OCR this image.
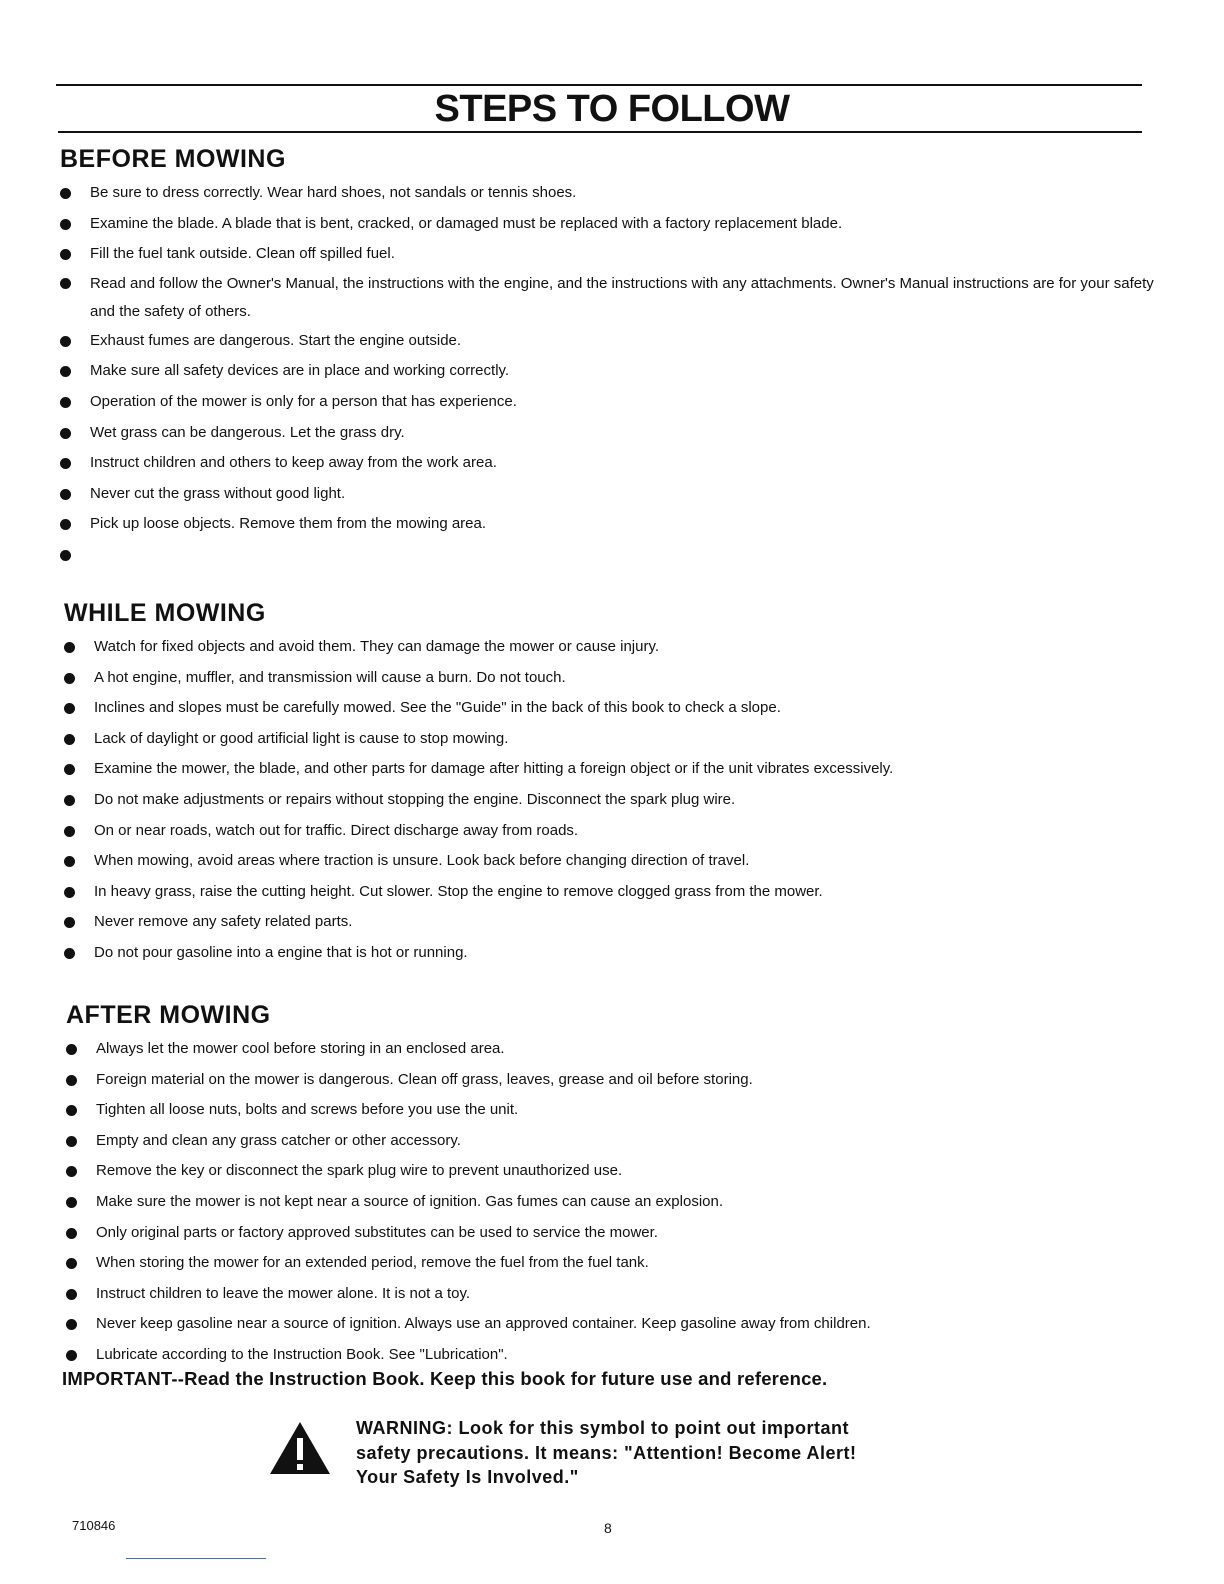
STEPS TO FOLLOW
BEFORE MOWING
Be sure to dress correctly. Wear hard shoes, not sandals or tennis shoes.
Examine the blade. A blade that is bent, cracked, or damaged must be replaced with a factory replacement blade.
Fill the fuel tank outside. Clean off spilled fuel.
Read and follow the Owner's Manual, the instructions with the engine, and the instructions with any attachments. Owner's Manual instructions are for your safety and the safety of others.
Exhaust fumes are dangerous. Start the engine outside.
Make sure all safety devices are in place and working correctly.
Operation of the mower is only for a person that has experience.
Wet grass can be dangerous. Let the grass dry.
Instruct children and others to keep away from the work area.
Never cut the grass without good light.
Pick up loose objects. Remove them from the mowing area.

WHILE MOWING
Watch for fixed objects and avoid them. They can damage the mower or cause injury.
A hot engine, muffler, and transmission will cause a burn. Do not touch.
Inclines and slopes must be carefully mowed. See the "Guide" in the back of this book to check a slope.
Lack of daylight or good artificial light is cause to stop mowing.
Examine the mower, the blade, and other parts for damage after hitting a foreign object or if the unit vibrates excessively.
Do not make adjustments or repairs without stopping the engine. Disconnect the spark plug wire.
On or near roads, watch out for traffic. Direct discharge away from roads.
When mowing, avoid areas where traction is unsure. Look back before changing direction of travel.
In heavy grass, raise the cutting height. Cut slower. Stop the engine to remove clogged grass from the mower.
Never remove any safety related parts.
Do not pour gasoline into a engine that is hot or running.
AFTER MOWING
Always let the mower cool before storing in an enclosed area.
Foreign material on the mower is dangerous. Clean off grass, leaves, grease and oil before storing.
Tighten all loose nuts, bolts and screws before you use the unit.
Empty and clean any grass catcher or other accessory.
Remove the key or disconnect the spark plug wire to prevent unauthorized use.
Make sure the mower is not kept near a source of ignition. Gas fumes can cause an explosion.
Only original parts or factory approved substitutes can be used to service the mower.
When storing the mower for an extended period, remove the fuel from the fuel tank.
Instruct children to leave the mower alone. It is not a toy.
Never keep gasoline near a source of ignition. Always use an approved container. Keep gasoline away from children.
Lubricate according to the Instruction Book. See "Lubrication".
IMPORTANT--Read the Instruction Book. Keep this book for future use and reference.
WARNING: Look for this symbol to point out important
safety precautions. It means: "Attention! Become Alert!
Your Safety Is Involved."
710846	8
